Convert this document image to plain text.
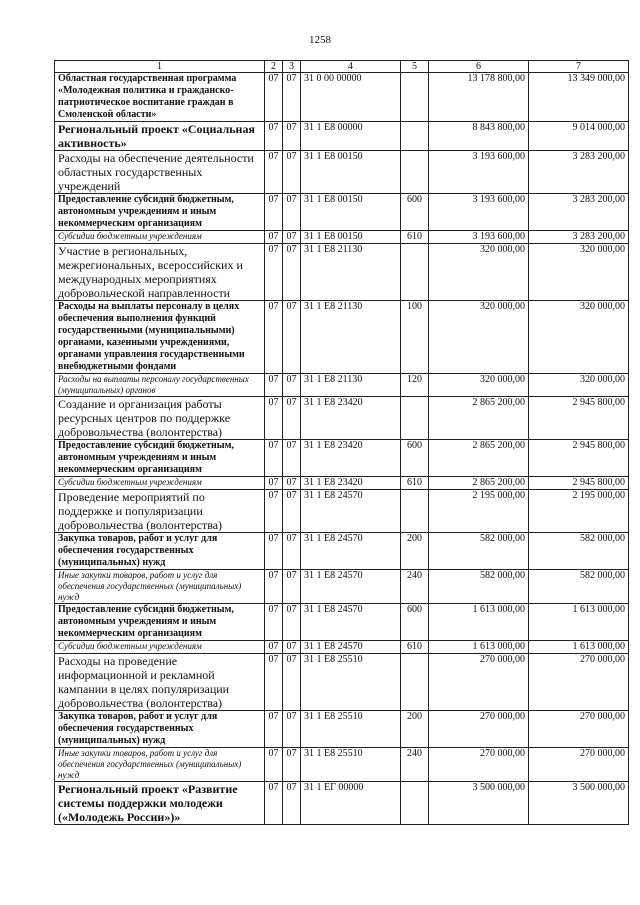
1258
1	2	3	4	5	6	7
Областная государственная программа «Молодежная политика и гражданско-патриотическое воспитание граждан в Смоленской области»	07	07	31 0 00 00000		13 178 800,00	13 349 000,00
Региональный проект «Социальная активность»	07	07	31 1 E8 00000		8 843 800,00	9 014 000,00
Расходы на обеспечение деятельности областных государственных учреждений	07	07	31 1 E8 00150		3 193 600,00	3 283 200,00
Предоставление субсидий бюджетным, автономным учреждениям и иным некоммерческим организациям	07	07	31 1 E8 00150	600	3 193 600,00	3 283 200,00
Субсидии бюджетным учреждениям	07	07	31 1 E8 00150	610	3 193 600,00	3 283 200,00
Участие в региональных, межрегиональных, всероссийских и международных мероприятиях добровольческой направленности	07	07	31 1 E8 21130		320 000,00	320 000,00
Расходы на выплаты персоналу в целях обеспечения выполнения функций государственными (муниципальными) органами, казенными учреждениями, органами управления государственными внебюджетными фондами	07	07	31 1 E8 21130	100	320 000,00	320 000,00
Расходы на выплаты персоналу государственных (муниципальных) органов	07	07	31 1 E8 21130	120	320 000,00	320 000,00
Создание и организация работы ресурсных центров по поддержке добровольчества (волонтерства)	07	07	31 1 E8 23420		2 865 200,00	2 945 800,00
Предоставление субсидий бюджетным, автономным учреждениям и иным некоммерческим организациям	07	07	31 1 E8 23420	600	2 865 200,00	2 945 800,00
Субсидии бюджетным учреждениям	07	07	31 1 E8 23420	610	2 865 200,00	2 945 800,00
Проведение мероприятий по поддержке и популяризации добровольчества (волонтерства)	07	07	31 1 E8 24570		2 195 000,00	2 195 000,00
Закупка товаров, работ и услуг для обеспечения государственных (муниципальных) нужд	07	07	31 1 E8 24570	200	582 000,00	582 000,00
Иные закупки товаров, работ и услуг для обеспечения государственных (муниципальных) нужд	07	07	31 1 E8 24570	240	582 000,00	582 000,00
Предоставление субсидий бюджетным, автономным учреждениям и иным некоммерческим организациям	07	07	31 1 E8 24570	600	1 613 000,00	1 613 000,00
Субсидии бюджетным учреждениям	07	07	31 1 E8 24570	610	1 613 000,00	1 613 000,00
Расходы на проведение информационной и рекламной кампании в целях популяризации добровольчества (волонтерства)	07	07	31 1 E8 25510		270 000,00	270 000,00
Закупка товаров, работ и услуг для обеспечения государственных (муниципальных) нужд	07	07	31 1 E8 25510	200	270 000,00	270 000,00
Иные закупки товаров, работ и услуг для обеспечения государственных (муниципальных) нужд	07	07	31 1 E8 25510	240	270 000,00	270 000,00
Региональный проект «Развитие системы поддержки молодежи («Молодежь России»)»	07	07	31 1 EГ 00000		3 500 000,00	3 500 000,00
